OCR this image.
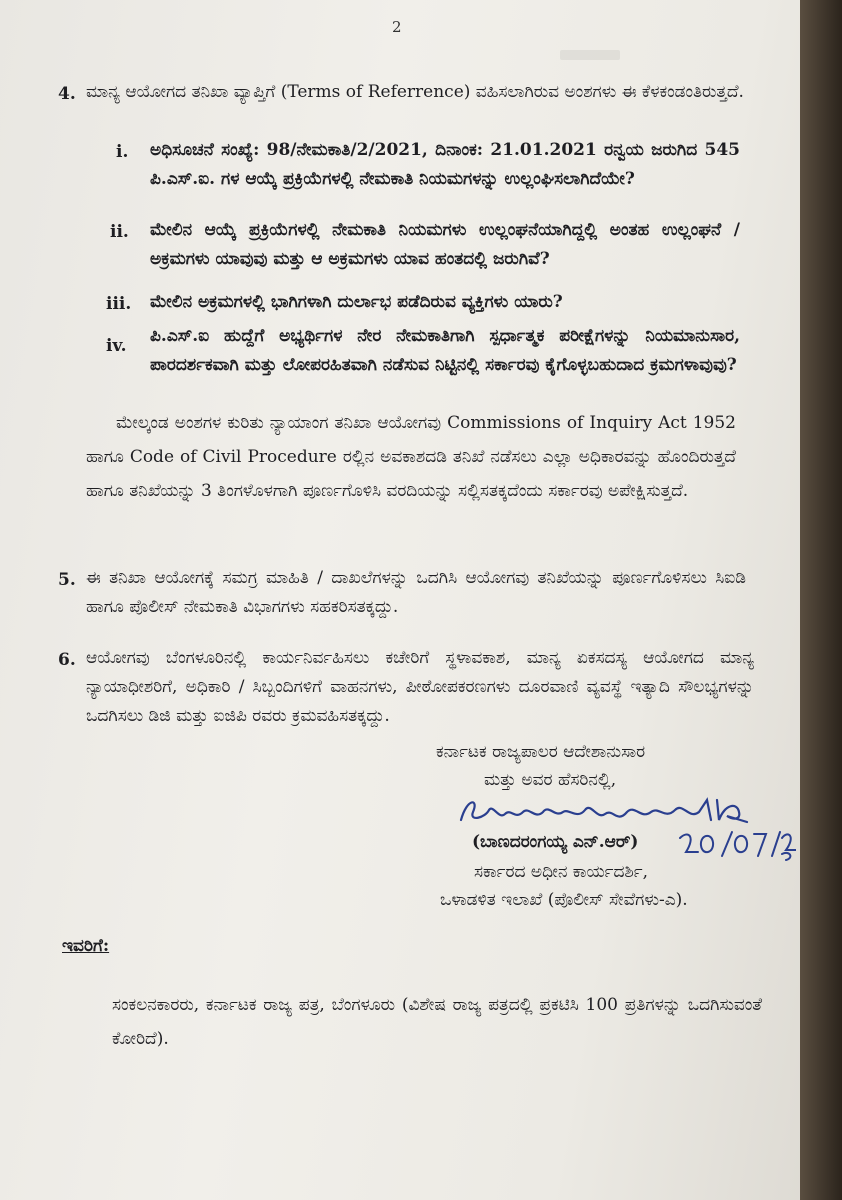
2
4. ಮಾನ್ಯ ಆಯೋಗದ ತನಿಖಾ ವ್ಯಾಪ್ತಿಗೆ (Terms of Referrence) ವಹಿಸಲಾಗಿರುವ ಅಂಶಗಳು ಈ ಕೆಳಕಂಡಂತಿರುತ್ತದೆ.
i. ಅಧಿಸೂಚನೆ ಸಂಖ್ಯೆ: 98/ನೇಮಕಾತಿ/2/2021, ದಿನಾಂಕ: 21.01.2021 ರನ್ವಯ ಜರುಗಿದ 545 ಪಿ.ಎಸ್.ಐ. ಗಳ ಆಯ್ಕೆ ಪ್ರಕ್ರಿಯೆಗಳಲ್ಲಿ ನೇಮಕಾತಿ ನಿಯಮಗಳನ್ನು ಉಲ್ಲಂಘಿಸಲಾಗಿದೆಯೇ?
ii. ಮೇಲಿನ ಆಯ್ಕೆ ಪ್ರಕ್ರಿಯೆಗಳಲ್ಲಿ ನೇಮಕಾತಿ ನಿಯಮಗಳು ಉಲ್ಲಂಘನೆಯಾಗಿದ್ದಲ್ಲಿ ಅಂತಹ ಉಲ್ಲಂಘನೆ / ಅಕ್ರಮಗಳು ಯಾವುವು ಮತ್ತು ಆ ಅಕ್ರಮಗಳು ಯಾವ ಹಂತದಲ್ಲಿ ಜರುಗಿವೆ?
iii. ಮೇಲಿನ ಅಕ್ರಮಗಳಲ್ಲಿ ಭಾಗಿಗಳಾಗಿ ದುರ್ಲಾಭ ಪಡೆದಿರುವ ವ್ಯಕ್ತಿಗಳು ಯಾರು?
iv. ಪಿ.ಎಸ್.ಐ ಹುದ್ದೆಗೆ ಅಭ್ಯರ್ಥಿಗಳ ನೇರ ನೇಮಕಾತಿಗಾಗಿ ಸ್ಪರ್ಧಾತ್ಮಕ ಪರೀಕ್ಷೆಗಳನ್ನು ನಿಯಮಾನುಸಾರ, ಪಾರದರ್ಶಕವಾಗಿ ಮತ್ತು ಲೋಪರಹಿತವಾಗಿ ನಡೆಸುವ ನಿಟ್ಟಿನಲ್ಲಿ ಸರ್ಕಾರವು ಕೈಗೊಳ್ಳಬಹುದಾದ ಕ್ರಮಗಳಾವುವು?
ಮೇಲ್ಕಂಡ ಅಂಶಗಳ ಕುರಿತು ನ್ಯಾಯಾಂಗ ತನಿಖಾ ಆಯೋಗವು Commissions of Inquiry Act 1952 ಹಾಗೂ Code of Civil Procedure ರಲ್ಲಿನ ಅವಕಾಶದಡಿ ತನಿಖೆ ನಡೆಸಲು ಎಲ್ಲಾ ಅಧಿಕಾರವನ್ನು ಹೊಂದಿರುತ್ತದೆ ಹಾಗೂ ತನಿಖೆಯನ್ನು 3 ತಿಂಗಳೊಳಗಾಗಿ ಪೂರ್ಣಗೊಳಿಸಿ ವರದಿಯನ್ನು ಸಲ್ಲಿಸತಕ್ಕದೆಂದು ಸರ್ಕಾರವು ಅಪೇಕ್ಷಿಸುತ್ತದೆ.
5. ಈ ತನಿಖಾ ಆಯೋಗಕ್ಕೆ ಸಮಗ್ರ ಮಾಹಿತಿ / ದಾಖಲೆಗಳನ್ನು ಒದಗಿಸಿ ಆಯೋಗವು ತನಿಖೆಯನ್ನು ಪೂರ್ಣಗೊಳಿಸಲು ಸಿಐಡಿ ಹಾಗೂ ಪೊಲೀಸ್ ನೇಮಕಾತಿ ವಿಭಾಗಗಳು ಸಹಕರಿಸತಕ್ಕದ್ದು.
6. ಆಯೋಗವು ಬೆಂಗಳೂರಿನಲ್ಲಿ ಕಾರ್ಯನಿರ್ವಹಿಸಲು ಕಚೇರಿಗೆ ಸ್ಥಳಾವಕಾಶ, ಮಾನ್ಯ ಏಕಸದಸ್ಯ ಆಯೋಗದ ಮಾನ್ಯ ನ್ಯಾಯಾಧೀಶರಿಗೆ, ಅಧಿಕಾರಿ / ಸಿಬ್ಬಂದಿಗಳಿಗೆ ವಾಹನಗಳು, ಪೀಠೋಪಕರಣಗಳು ದೂರವಾಣಿ ವ್ಯವಸ್ಥೆ ಇತ್ಯಾದಿ ಸೌಲಭ್ಯಗಳನ್ನು ಒದಗಿಸಲು ಡಿಜಿ ಮತ್ತು ಐಜಿಪಿ ರವರು ಕ್ರಮವಹಿಸತಕ್ಕದ್ದು.
ಕರ್ನಾಟಕ ರಾಜ್ಯಪಾಲರ ಆದೇಶಾನುಸಾರ
ಮತ್ತು ಅವರ ಹೆಸರಿನಲ್ಲಿ,
(ಬಾಣದರಂಗಯ್ಯ ಎನ್.ಆರ್)
ಸರ್ಕಾರದ ಅಧೀನ ಕಾರ್ಯದರ್ಶಿ,
ಒಳಾಡಳಿತ ಇಲಾಖೆ (ಪೊಲೀಸ್ ಸೇವೆಗಳು-ಎ).
ಇವರಿಗೆ:
ಸಂಕಲನಕಾರರು, ಕರ್ನಾಟಕ ರಾಜ್ಯ ಪತ್ರ, ಬೆಂಗಳೂರು (ವಿಶೇಷ ರಾಜ್ಯ ಪತ್ರದಲ್ಲಿ ಪ್ರಕಟಿಸಿ 100 ಪ್ರತಿಗಳನ್ನು ಒದಗಿಸುವಂತೆ ಕೋರಿದೆ).
